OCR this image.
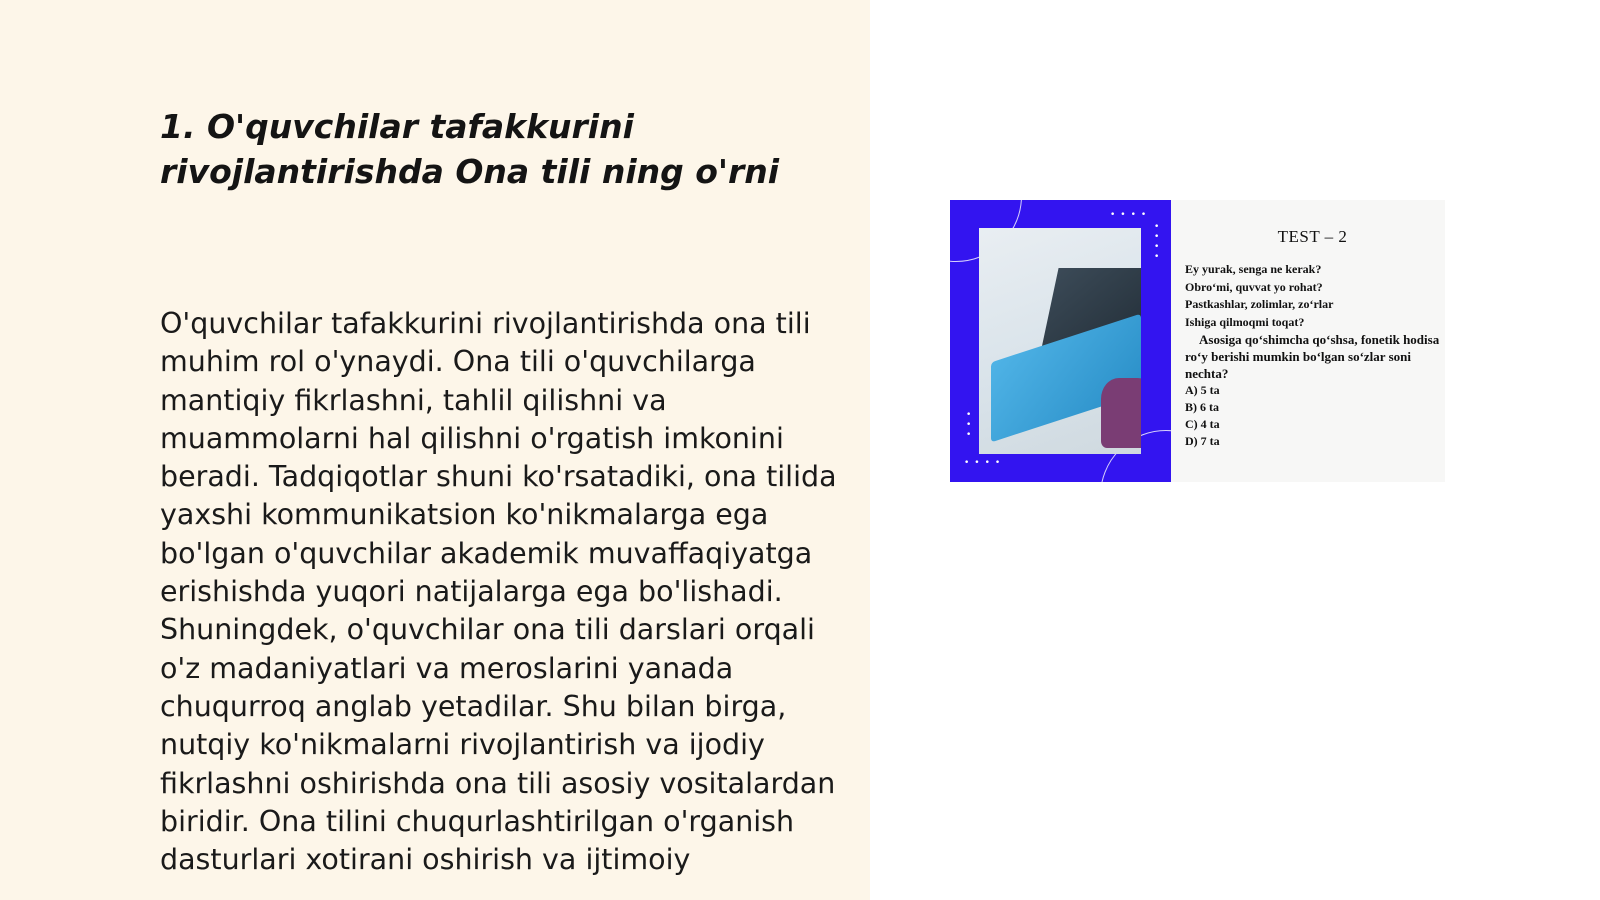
1. O'quvchilar tafakkurini rivojlantirishda Ona tili ning o'rni

O'quvchilar tafakkurini rivojlantirishda ona tili muhim rol o'ynaydi. Ona tili o'quvchilarga mantiqiy fikrlashni, tahlil qilishni va muammolarni hal qilishni o'rgatish imkonini beradi. Tadqiqotlar shuni ko'rsatadiki, ona tilida yaxshi kommunikatsion ko'nikmalarga ega bo'lgan o'quvchilar akademik muvaffaqiyatga erishishda yuqori natijalarga ega bo'lishadi. Shuningdek, o'quvchilar ona tili darslari orqali o'z madaniyatlari va meroslarini yanada chuqurroq anglab yetadilar. Shu bilan birga, nutqiy ko'nikmalarni rivojlantirish va ijodiy fikrlashni oshirishda ona tili asosiy vositalardan biridir. Ona tilini chuqurlashtirilgan o'rganish dasturlari xotirani oshirish va ijtimoiy

••••
•
•
•
•
•
•
•
••••
TEST – 2

Ey yurak, senga ne kerak?

Obro‘mi, quvvat yo rohat?

Pastkashlar, zolimlar, zo‘rlar

Ishiga qilmoqmi toqat?

Asosiga qoʻshimcha qoʻshsa, fonetik hodisa roʻy berishi mumkin boʻlgan soʻzlar soni nechta?

A) 5 ta

B) 6 ta

C) 4 ta

D) 7 ta
